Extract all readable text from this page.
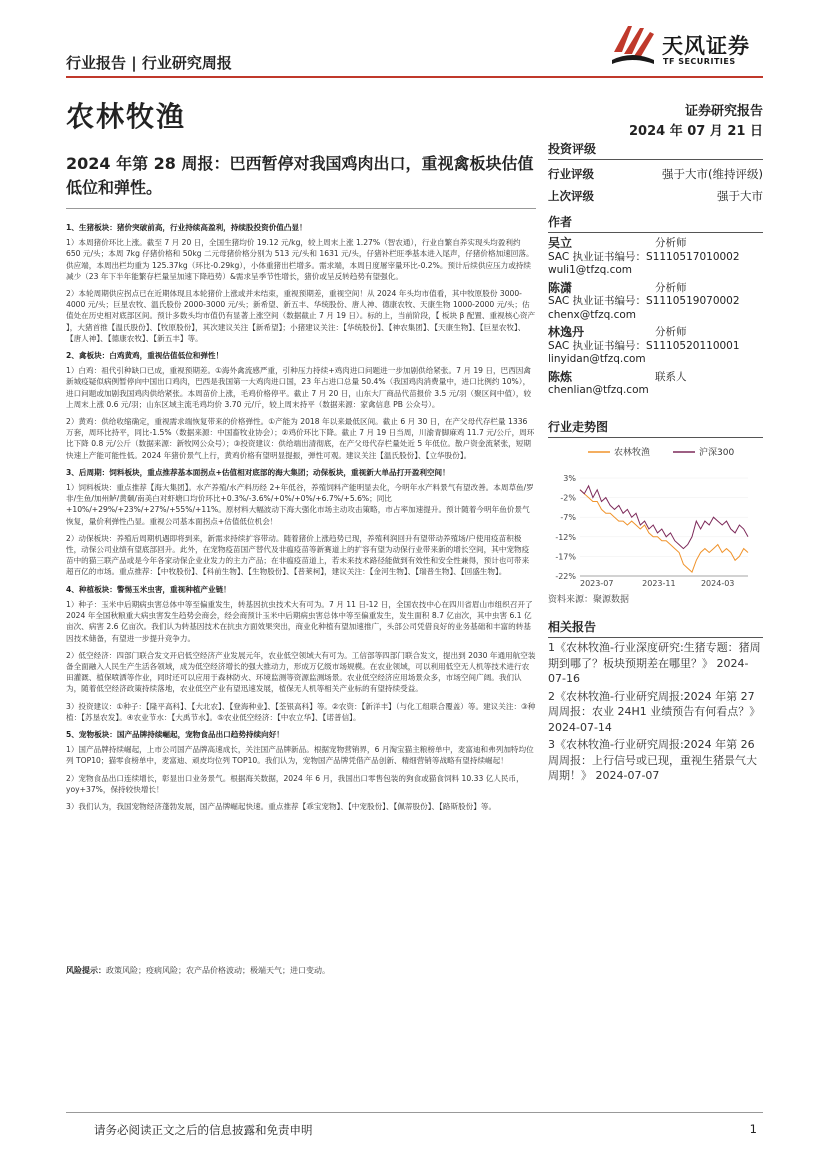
天风证券
TF SECURITIES
行业报告 | 行业研究周报
农林牧渔	证券研究报告
2024 年 07 月 21 日
2024 年第 28 周报：巴西暂停对我国鸡肉出口，重视禽板块估值低位和弹性。

1、生猪板块：猪价突破前高，行业持续高盈利，持续股投资价值凸显！

1）本周猪价环比上涨。截至 7 月 20 日，全国生猪均价 19.12 元/kg，较上周末上涨 1.27%（智农通），行业自繁自养实现头均盈利约 650 元/头；本周 7kg 仔猪价格和 50kg 二元母猪价格分别为 513 元/头和 1631 元/头，仔猪补栏旺季基本进入尾声，仔猪价格加速回落。供应端，本周出栏均重为 125.37kg（环比-0.29kg），小体重猪出栏增多。需求端，本周日度屠宰量环比-0.2%。预计后续供应压力或持续减少（23 年下半年能繁存栏量呈加速下降趋势）&需求呈季节性增长，猪价或呈反转趋势有望强化。

2）本轮周期供应拐点已在近期体现且本轮猪价上涨或并未结束，重视预期差，重视空间！从 2024 年头均市值看，其中牧原股份 3000-4000 元/头；巨星农牧、温氏股份 2000-3000 元/头；新希望、新五丰、华统股份、唐人神、德康农牧、天康生物 1000-2000 元/头；估值处在历史相对底部区间。预计多数头均市值仍有显著上涨空间（数据截止 7 月 19 日）。标的上，当前阶段，【 板块 β 配置、重视核心资产 】，大猪首推【温氏股份】、【牧原股份】，其次建议关注【新希望】；小猪建议关注：【华统股份】、【神农集团】、【天康生物】、【巨星农牧】、【唐人神】、【德康农牧】、【新五丰】等。

2、禽板块：白鸡黄鸡，重视估值低位和弹性！

1）白鸡：祖代引种缺口已成，重视预期差。①海外禽流感严重，引种压力持续+鸡肉进口问题进一步加剧供给紧张。7 月 19 日，巴西因禽新城疫疑似病例暂停向中国出口鸡肉，巴西是我国第一大鸡肉进口国，23 年占进口总量 50.4%（我国鸡肉消费量中，进口比例约 10%），进口问题或加剧我国鸡肉供给紧张。本周苗价上涨，毛鸡价格停平。截止 7 月 20 日，山东大厂商品代苗报价 3.5 元/羽（聚区间中值），较上周末上涨 0.6 元/羽；山东区域主流毛鸡均价 3.70 元/斤，较上周末持平（数据来源：家禽信息 PB 公众号）。

2）黄鸡：供给收缩确定，重视需求端恢复带来的价格弹性。①产能为 2018 年以来最低区间。截止 6 月 30 日，在产父母代存栏量 1336 万套，周环比持平，同比-1.5%（数据来源：中国畜牧业协会）；②鸡价环比下降。截止 7 月 19 日当周，川渝青脚麻鸡 11.7 元/公斤，周环比下降 0.8 元/公斤（数据来源：新牧网公众号）；③投资建议：供给端出清彻底，在产父母代存栏量处近 5 年低位。散户资金流紧张，短期快速上产能可能性低。2024 年猪价景气上行，黄鸡价格有望明显提振，弹性可观。建议关注【温氏股份】、【立华股份】。

3、后周期：饲料板块，重点推荐基本面拐点+估值相对底部的海大集团；动保板块，重视新大单品打开盈利空间！

1）饲料板块：重点推荐【海大集团】。水产养殖/水产料历经 2+年低谷，养殖饲料产能明显去化，今明年水产料景气有望改善。本周草鱼/罗非/生鱼/加州鲈/黄颡/南美白对虾塘口均价环比+0.3%/-3.6%/+0%/+0%/+6.7%/+5.6%；同比+10%/+29%/+23%/+27%/+55%/+11%。原材料大幅波动下海大强化市场主动攻击策略，市占率加速提升。预计随着今明年鱼价景气恢复，量价利弹性凸显。重视公司基本面拐点+估值低位机会！

2）动保板块：养殖后周期机遇即将到来，新需求持续扩容带动。随着猪价上涨趋势已现，养殖利润回升有望带动养殖场/户使用疫苗积极性，动保公司业绩有望底部回升。此外，在宠物疫苗国产替代及非瘟疫苗等新赛道上的扩容有望为动保行业带来新的增长空间，其中宠物疫苗中的猫三联产品或是今年各家动保企业业发力的主力产品；在非瘟疫苗道上，若未来技术路径能做到有效性和安全性兼得，预计也可带来超百亿的市场。重点推荐：【中牧股份】、【科前生物】、【生物股份】、【普莱柯】，建议关注：【金河生物】、【瑞普生物】、【回盛生物】。

4、种植板块：警惕玉米虫害，重视种植产业链！

1）种子：玉米中后期病虫害总体中等至偏重发生，转基因抗虫技术大有可为。7 月 11 日-12 日，全国农技中心在四川省眉山市组织召开了 2024 年全国秋粮重大病虫害发生趋势会商会，经会商预计玉米中后期病虫害总体中等至偏重发生，发生面积 8.7 亿亩次，其中虫害 6.1 亿亩次、病害 2.6 亿亩次。我们认为转基因技术在抗虫方面效果突出，商业化种植有望加速推广，头部公司凭借良好的业务基础和丰富的转基因技术储备，有望进一步提升竞争力。

2）低空经济：四部门联合发文开启低空经济产业发展元年，农业低空领域大有可为。工信部等四部门联合发文，提出到 2030 年通用航空装备全面融入人民生产生活各领域，成为低空经济增长的强大推动力，形成万亿级市场规模。在农业领域，可以利用低空无人机等技术进行农田灌溉、植保喷洒等作业，同时还可以应用于森林防火、环境监测等资源监测场景。农业低空经济应用场景众多，市场空间广阔。我们认为，随着低空经济政策持续落地，农业低空产业有望迅速发展，植保无人机等相关产业标的有望持续受益。

3）投资建议：①种子：【隆平高科】、【大北农】、【登海种业】、【荃银高科】等。②农资：【新洋丰】（与化工组联合覆盖）等。建议关注：③种植：【苏垦农发】。④农业节水：【大禹节水】。⑤农业低空经济：【中农立华】、【诺普信】。

5、宠物板块：国产品牌持续崛起，宠物食品出口趋势持续向好！

1）国产品牌持续崛起，上市公司国产品牌高速成长，关注国产品牌新品。根据宠物营销界，6 月淘宝猫主粮榜单中，麦富迪和弗列加特均位列 TOP10；猫零食榜单中，麦富迪、顽皮均位列 TOP10。我们认为，宠物国产品牌凭借产品创新、精细营销等战略有望持续崛起！

2）宠物食品出口连续增长，彰显出口业务景气。根据海关数据，2024 年 6 月，我国出口零售包装的狗食或猫食饲料 10.33 亿人民币，yoy+37%，保持较快增长！

3）我们认为，我国宠物经济蓬勃发展，国产品牌崛起快速。重点推荐【乖宝宠物】、【中宠股份】、【佩蒂股份】、【路斯股份】等。

风险提示：政策风险；疫病风险；农产品价格波动；极端天气；进口变动。
投资评级
行业评级	强于大市(维持评级)
上次评级	强于大市
作者
吴立	分析师
SAC 执业证书编号：S1110517010002
wuli1@tfzq.com
陈潇	分析师
SAC 执业证书编号：S1110519070002
chenx@tfzq.com
林逸丹	分析师
SAC 执业证书编号：S1110520110001
linyidan@tfzq.com
陈炼	联系人
chenlian@tfzq.com
行业走势图
农林牧渔	沪深300
3%
-2%
-7%
-12%
-17%
-22%
2023-07	2023-11	2024-03
资料来源：聚源数据
相关报告
1《农林牧渔-行业深度研究:生猪专题：猪周期到哪了？板块预期差在哪里？》 2024-07-16
2《农林牧渔-行业研究周报:2024 年第 27 周周报：农业 24H1 业绩预告有何看点？》 2024-07-14
3《农林牧渔-行业研究周报:2024 年第 26 周周报：上行信号或已现，重视生猪景气大周期！》 2024-07-07
请务必阅读正文之后的信息披露和免责申明	1
